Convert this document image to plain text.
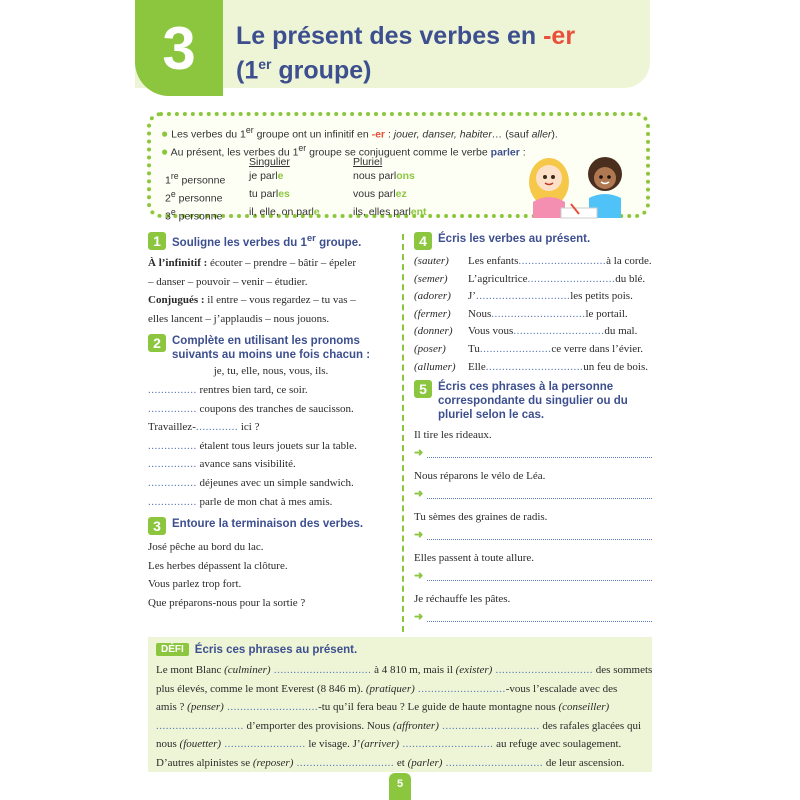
3 Le présent des verbes en -er
(1er groupe)
● Les verbes du 1er groupe ont un infinitif en -er : jouer, danser, habiter… (sauf aller).
● Au présent, les verbes du 1er groupe se conjuguent comme le verbe parler :
Singulier	Pluriel
1re personne	je parle	nous parlons
2e personne	tu parles	vous parlez
3e personne	il, elle, on parle	ils, elles parlent
1 Souligne les verbes du 1er groupe.
À l’infinitif : écouter – prendre – bâtir – épeler
– danser – pouvoir – venir – étudier.
Conjugués : il entre – vous regardez – tu vas –
elles lancent – j’applaudis – nous jouons.
2 Complète en utilisant les pronoms suivants au moins une fois chacun :
je, tu, elle, nous, vous, ils.
............... rentres bien tard, ce soir.
............... coupons des tranches de saucisson.
Travaillez-............. ici ?
............... étalent tous leurs jouets sur la table.
............... avance sans visibilité.
............... déjeunes avec un simple sandwich.
............... parle de mon chat à mes amis.
3 Entoure la terminaison des verbes.
José pêche au bord du lac.
Les herbes dépassent la clôture.
Vous parlez trop fort.
Que préparons-nous pour la sortie ?
4 Écris les verbes au présent.
(sauter)	Les enfants ........................... à la corde.
(semer)	L’agricultrice ........................... du blé.
(adorer)	J’ ............................. les petits pois.
(fermer)	Nous ............................. le portail.
(donner)	Vous vous ............................ du mal.
(poser)	Tu ...................... ce verre dans l’évier.
(allumer)	Elle .............................. un feu de bois.
5 Écris ces phrases à la personne correspondante du singulier ou du pluriel selon le cas.
Il tire les rideaux.
➜
Nous réparons le vélo de Léa.
➜
Tu sèmes des graines de radis.
➜
Elles passent à toute allure.
➜
Je réchauffe les pâtes.
➜
DÉFI Écris ces phrases au présent.
Le mont Blanc (culminer) .............................. à 4 810 m, mais il (exister) .............................. des sommets
plus élevés, comme le mont Everest (8 846 m). (pratiquer) ...........................-vous l’escalade avec des
amis ? (penser) ............................-tu qu’il fera beau ? Le guide de haute montagne nous (conseiller)
........................... d’emporter des provisions. Nous (affronter) .............................. des rafales glacées qui
nous (fouetter) ......................... le visage. J’(arriver) ............................ au refuge avec soulagement.
D’autres alpinistes se (reposer) .............................. et (parler) .............................. de leur ascension.
5
